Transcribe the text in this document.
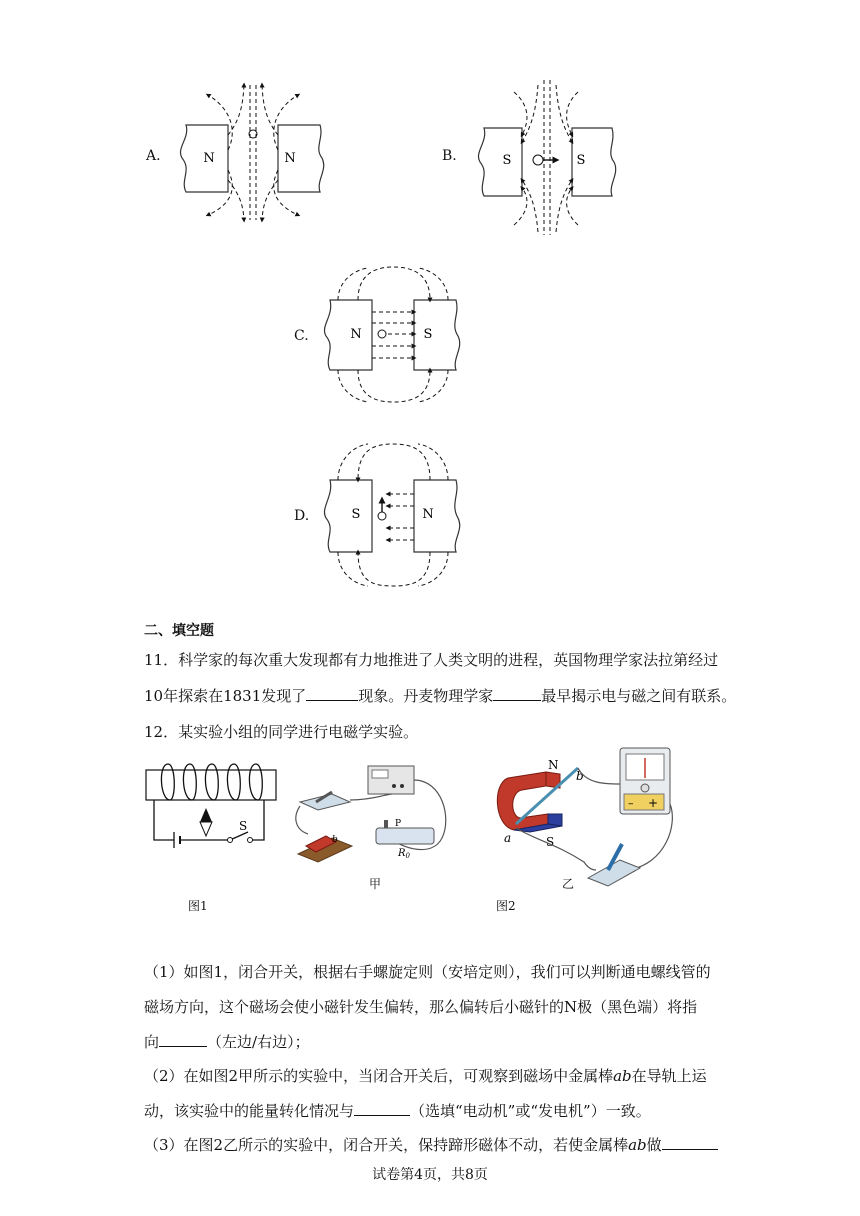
A.	N	N	B.	S	S
C.	N	S
D.	S	N
二、填空题
11．科学家的每次重大发现都有力地推进了人类文明的进程，英国物理学家法拉第经过
10年探索在1831发现了	现象。丹麦物理学家	最早揭示电与磁之间有联系。
12．某实验小组的同学进行电磁学实验。
S
图1
b
P
$R_0$
甲
N
S
a
b
– +
乙
图2
（1）如图1，闭合开关，根据右手螺旋定则（安培定则），我们可以判断通电螺线管的
磁场方向，这个磁场会使小磁针发生偏转，那么偏转后小磁针的N极（黑色端）将指
向	（左边/右边）；
（2）在如图2甲所示的实验中，当闭合开关后，可观察到磁场中金属棒ab在导轨上运
动，该实验中的能量转化情况与	（选填“电动机”或“发电机”）一致。
（3）在图2乙所示的实验中，闭合开关，保持蹄形磁体不动，若使金属棒ab做
试卷第4页，共8页
